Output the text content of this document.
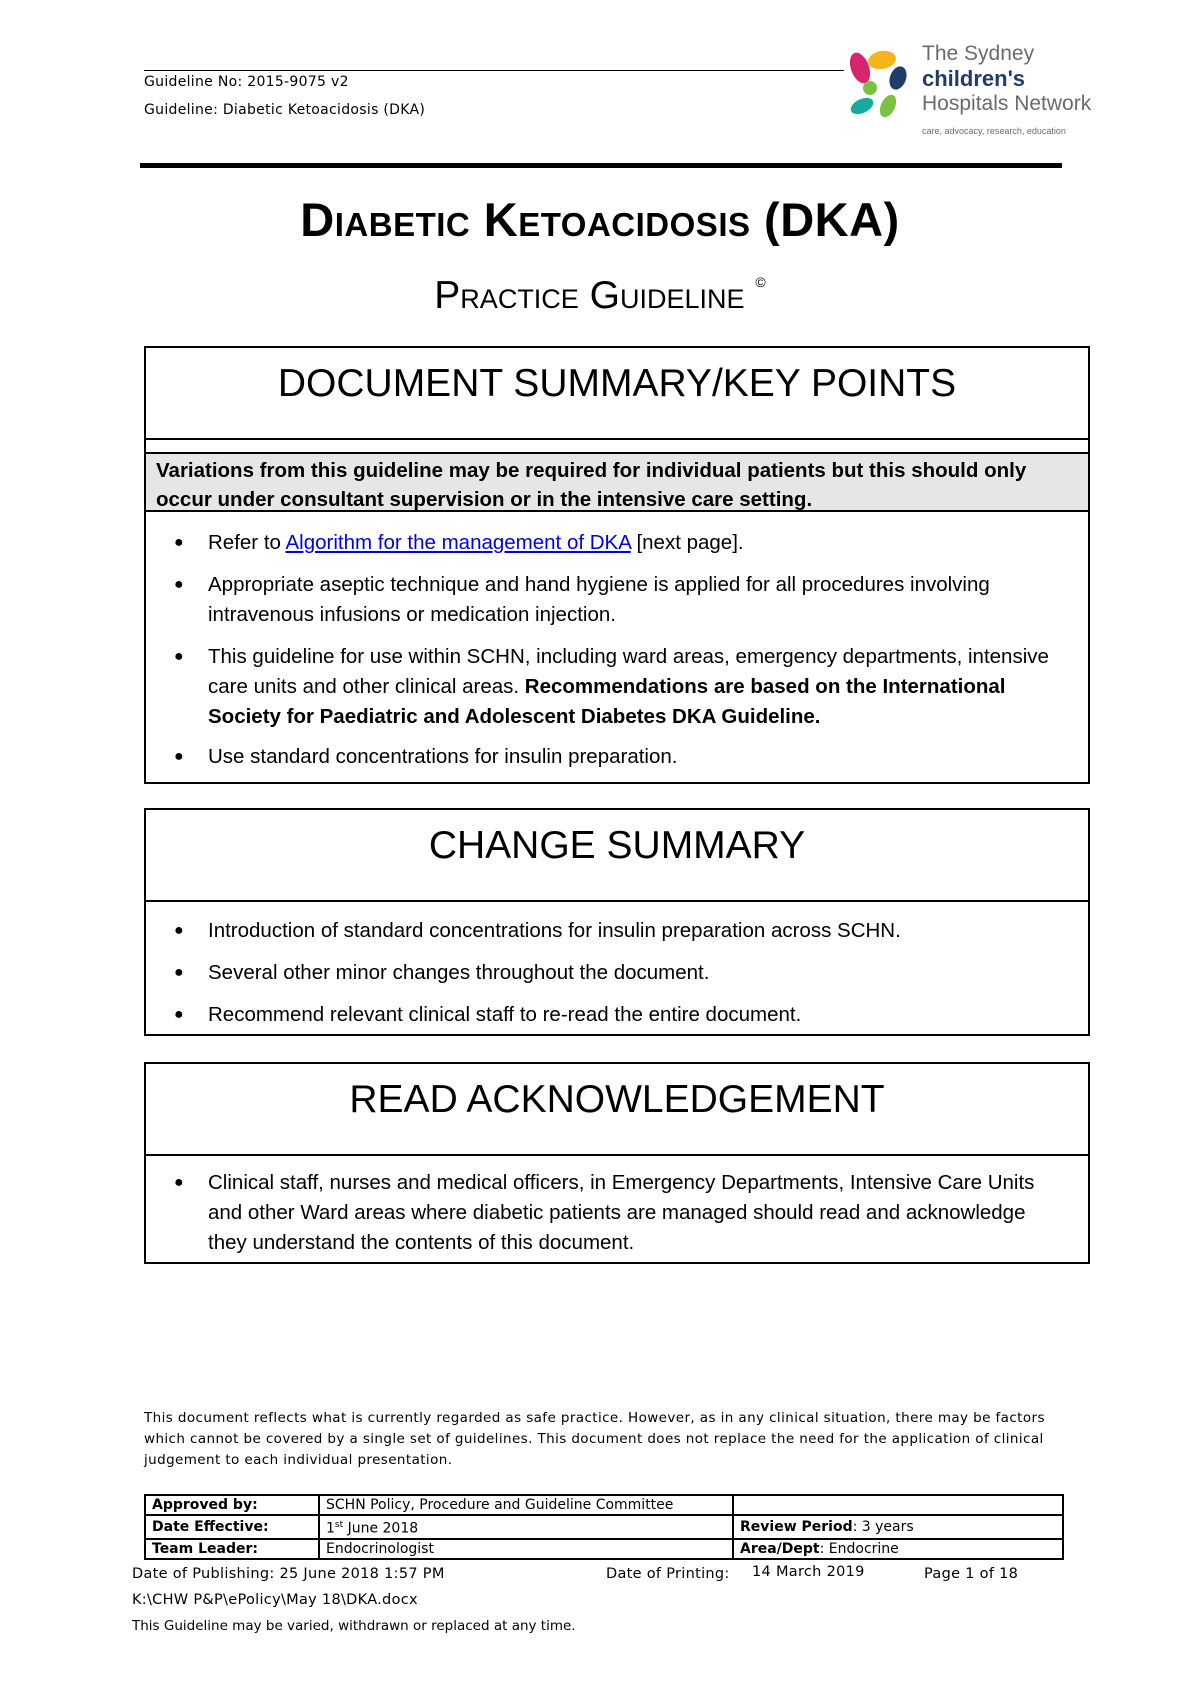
Guideline No: 2015-9075 v2
Guideline: Diabetic Ketoacidosis (DKA)
The Sydney
children's
Hospitals Network
care, advocacy, research, education
Diabetic Ketoacidosis (DKA)
Practice Guideline ©
DOCUMENT SUMMARY/KEY POINTS
Variations from this guideline may be required for individual patients but this should only occur under consultant supervision or in the intensive care setting.
● Refer to Algorithm for the management of DKA [next page].
● Appropriate aseptic technique and hand hygiene is applied for all procedures involving intravenous infusions or medication injection.
● This guideline for use within SCHN, including ward areas, emergency departments, intensive care units and other clinical areas. Recommendations are based on the International Society for Paediatric and Adolescent Diabetes DKA Guideline.
● Use standard concentrations for insulin preparation.
CHANGE SUMMARY
● Introduction of standard concentrations for insulin preparation across SCHN.
● Several other minor changes throughout the document.
● Recommend relevant clinical staff to re-read the entire document.
READ ACKNOWLEDGEMENT
● Clinical staff, nurses and medical officers, in Emergency Departments, Intensive Care Units and other Ward areas where diabetic patients are managed should read and acknowledge they understand the contents of this document.
This document reflects what is currently regarded as safe practice. However, as in any clinical situation, there may be factors which cannot be covered by a single set of guidelines. This document does not replace the need for the application of clinical judgement to each individual presentation.
Approved by:	SCHN Policy, Procedure and Guideline Committee	
Date Effective:	1st June 2018	Review Period: 3 years
Team Leader:	Endocrinologist	Area/Dept: Endocrine
Date of Publishing: 25 June 2018 1:57 PM	Date of Printing: 14 March 2019	Page 1 of 18
K:\CHW P&P\ePolicy\May 18\DKA.docx
This Guideline may be varied, withdrawn or replaced at any time.
